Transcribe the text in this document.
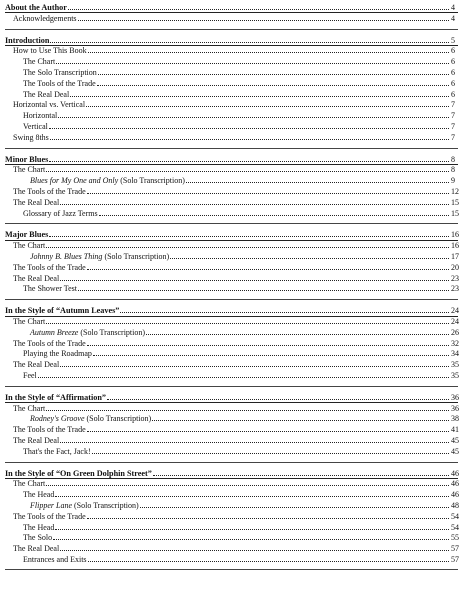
About the Author	4
Acknowledgements	4
Introduction	5
How to Use This Book	6
The Chart	6
The Solo Transcription	6
The Tools of the Trade	6
The Real Deal	6
Horizontal vs. Vertical	7
Horizontal	7
Vertical	7
Swing 8ths	7
Minor Blues	8
The Chart	8
Blues for My One and Only (Solo Transcription)	9
The Tools of the Trade	12
The Real Deal	15
Glossary of Jazz Terms	15
Major Blues	16
The Chart	16
Johnny B. Blues Thing (Solo Transcription)	17
The Tools of the Trade	20
The Real Deal	23
The Shower Test	23
In the Style of “Autumn Leaves”	24
The Chart	24
Autumn Breeze (Solo Transcription)	26
The Tools of the Trade	32
Playing the Roadmap	34
The Real Deal	35
Feel	35
In the Style of “Affirmation”	36
The Chart	36
Rodney's Groove (Solo Transcription)	38
The Tools of the Trade	41
The Real Deal	45
That's the Fact, Jack!	45
In the Style of “On Green Dolphin Street”	46
The Chart	46
The Head	46
Flipper Lane (Solo Transcription)	48
The Tools of the Trade	54
The Head	54
The Solo	55
The Real Deal	57
Entrances and Exits	57
